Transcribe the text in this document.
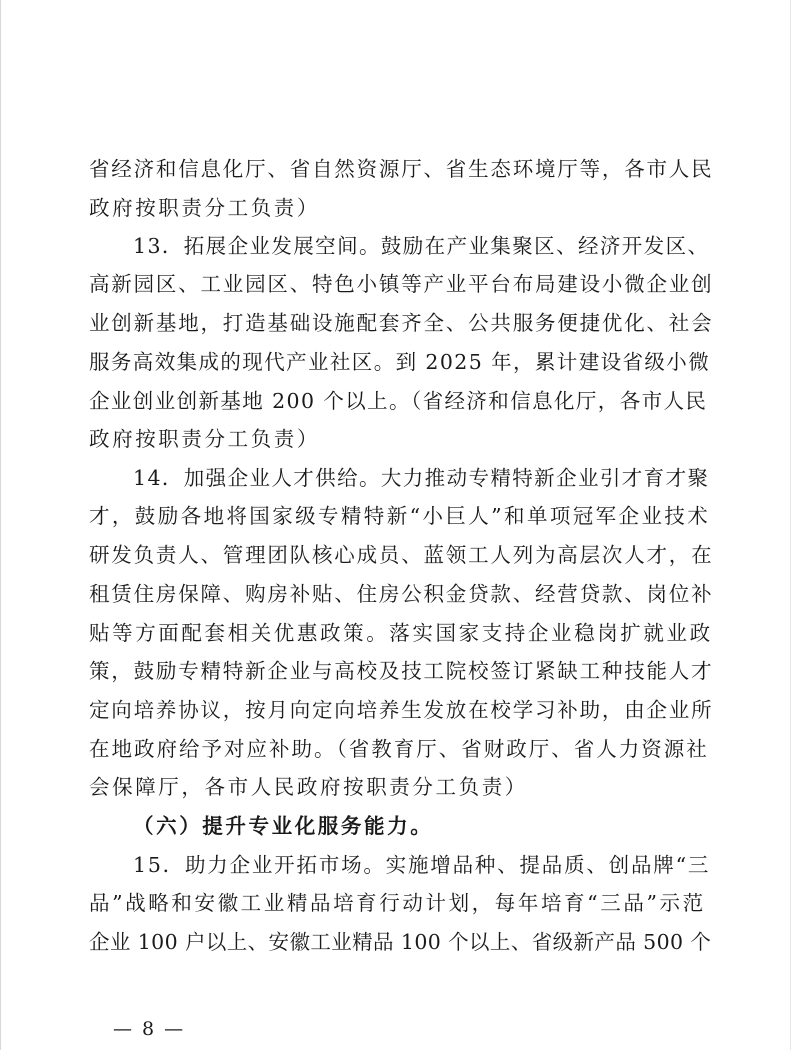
省经济和信息化厅、省自然资源厅、省生态环境厅等，各市人民
政府按职责分工负责）
13．拓展企业发展空间。鼓励在产业集聚区、经济开发区、
高新园区、工业园区、特色小镇等产业平台布局建设小微企业创
业创新基地，打造基础设施配套齐全、公共服务便捷优化、社会
服务高效集成的现代产业社区。到 2025 年，累计建设省级小微
企业创业创新基地 200 个以上。（省经济和信息化厅，各市人民
政府按职责分工负责）
14．加强企业人才供给。大力推动专精特新企业引才育才聚
才，鼓励各地将国家级专精特新“小巨人”和单项冠军企业技术
研发负责人、管理团队核心成员、蓝领工人列为高层次人才，在
租赁住房保障、购房补贴、住房公积金贷款、经营贷款、岗位补
贴等方面配套相关优惠政策。落实国家支持企业稳岗扩就业政
策，鼓励专精特新企业与高校及技工院校签订紧缺工种技能人才
定向培养协议，按月向定向培养生发放在校学习补助，由企业所
在地政府给予对应补助。（省教育厅、省财政厅、省人力资源社
会保障厅，各市人民政府按职责分工负责）
（六）提升专业化服务能力。
15．助力企业开拓市场。实施增品种、提品质、创品牌“三
品”战略和安徽工业精品培育行动计划，每年培育“三品”示范
企业 100 户以上、安徽工业精品 100 个以上、省级新产品 500 个
— 8 —
